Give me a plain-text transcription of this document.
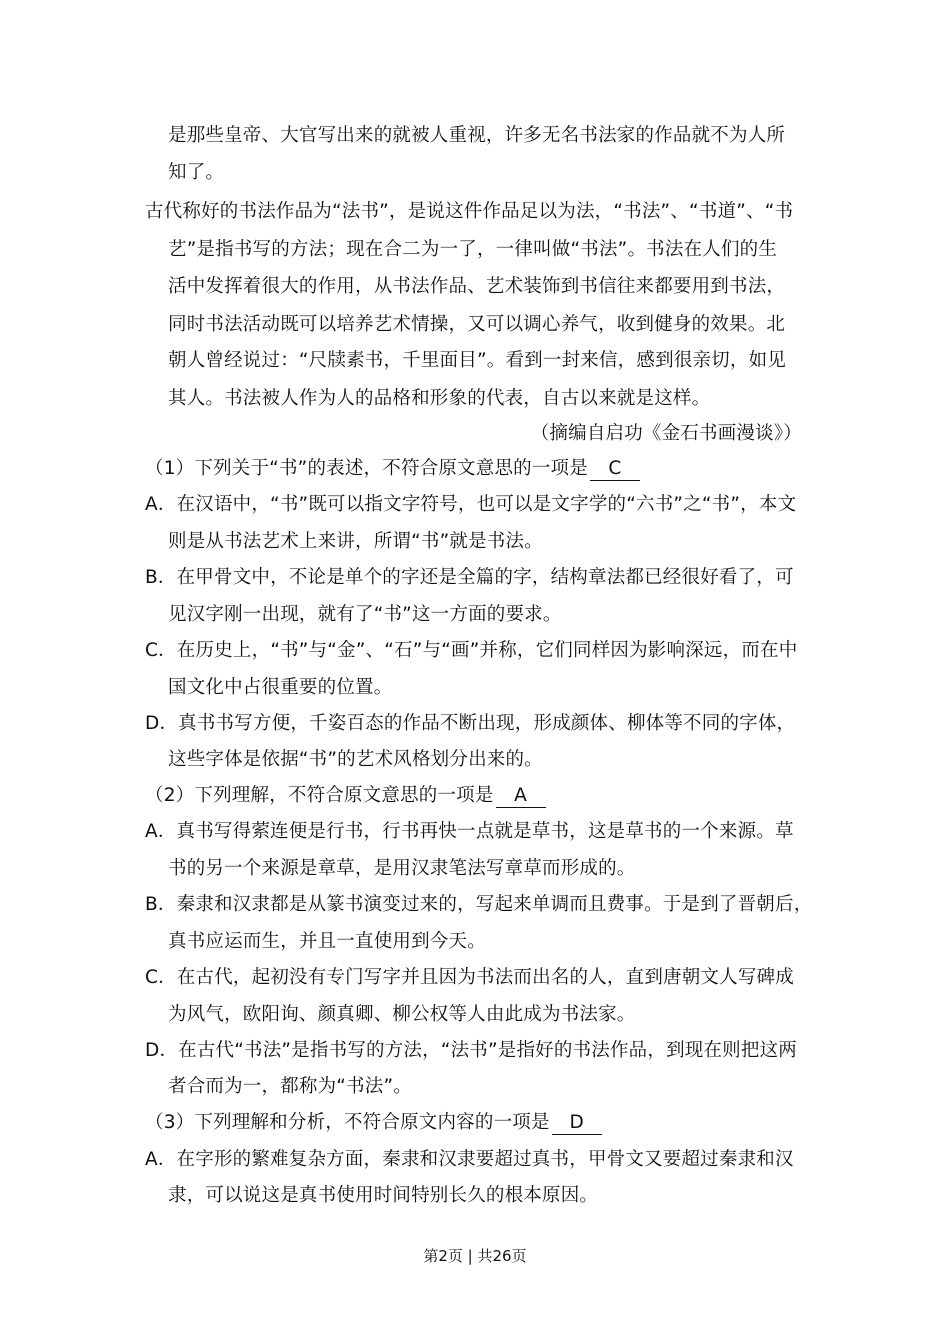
是那些皇帝、大官写出来的就被人重视，许多无名书法家的作品就不为人所
知了。
古代称好的书法作品为“法书”，是说这件作品足以为法，“书法”、“书道”、“书
艺”是指书写的方法；现在合二为一了，一律叫做“书法”。书法在人们的生
活中发挥着很大的作用，从书法作品、艺术装饰到书信往来都要用到书法，
同时书法活动既可以培养艺术情操，又可以调心养气，收到健身的效果。北
朝人曾经说过：“尺牍素书，千里面目”。看到一封来信，感到很亲切，如见
其人。书法被人作为人的品格和形象的代表，自古以来就是这样。
（摘编自启功《金石书画漫谈》）
（1）下列关于“书”的表述，不符合原文意思的一项是 C
A．在汉语中，“书”既可以指文字符号，也可以是文字学的“六书”之“书”，本文
则是从书法艺术上来讲，所谓“书”就是书法。
B．在甲骨文中，不论是单个的字还是全篇的字，结构章法都已经很好看了，可
见汉字刚一出现，就有了“书”这一方面的要求。
C．在历史上，“书”与“金”、“石”与“画”并称，它们同样因为影响深远，而在中
国文化中占很重要的位置。
D．真书书写方便，千姿百态的作品不断出现，形成颜体、柳体等不同的字体，
这些字体是依据“书”的艺术风格划分出来的。
（2）下列理解，不符合原文意思的一项是 A
A．真书写得萦连便是行书，行书再快一点就是草书，这是草书的一个来源。草
书的另一个来源是章草，是用汉隶笔法写章草而形成的。
B．秦隶和汉隶都是从篆书演变过来的，写起来单调而且费事。于是到了晋朝后，
真书应运而生，并且一直使用到今天。
C．在古代，起初没有专门写字并且因为书法而出名的人，直到唐朝文人写碑成
为风气，欧阳询、颜真卿、柳公权等人由此成为书法家。
D．在古代“书法”是指书写的方法，“法书”是指好的书法作品，到现在则把这两
者合而为一，都称为“书法”。
（3）下列理解和分析，不符合原文内容的一项是 D
A．在字形的繁难复杂方面，秦隶和汉隶要超过真书，甲骨文又要超过秦隶和汉
隶，可以说这是真书使用时间特别长久的根本原因。
第2页 | 共26页
